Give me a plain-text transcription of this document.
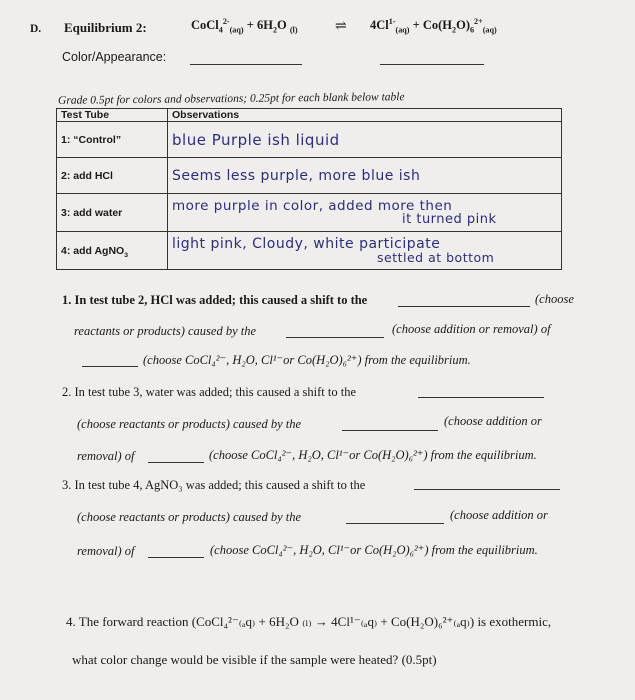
D. Equilibrium 2:	CoCl$_4^{2-}_{(aq)}$ + $6H_2O$ $_{(l)}$	⇌ $4Cl^{1-}_{(aq)} + Co(H_2O)_6^{2+}_{(aq)}$
Color/Appearance:
Grade 0.5pt for colors and observations; 0.25pt for each blank below table
Test Tube	Observations
1: “Control”	blue Purple ish liquid
2: add HCl	Seems less purple, more blue ish
3: add water	more purple in color, added more then
it turned pink

4: add AgNO$_3$	light pink, Cloudy, white participate
settled at bottom
1. In test tube 2, HCl was added; this caused a shift to the	(choose
reactants or products) caused by the	(choose addition or removal) of
(choose CoCl₄²⁻, H₂O, Cl¹⁻or Co(H₂O)₆²⁺) from the equilibrium.
2. In test tube 3, water was added; this caused a shift to the
(choose reactants or products) caused by the	(choose addition or
removal) of	(choose CoCl₄²⁻, H₂O, Cl¹⁻or Co(H₂O)₆²⁺) from the equilibrium.
3. In test tube 4, AgNO₃ was added; this caused a shift to the
(choose reactants or products) caused by the	(choose addition or
removal) of	(choose CoCl₄²⁻, H₂O, Cl¹⁻or Co(H₂O)₆²⁺) from the equilibrium.
4. The forward reaction (CoCl₄²⁻₍ₐq₎ + 6H₂O ₍ₗ₎ → 4Cl¹⁻₍ₐq₎ + Co(H₂O)₆²⁺₍ₐq₎) is exothermic,
what color change would be visible if the sample were heated? (0.5pt)
